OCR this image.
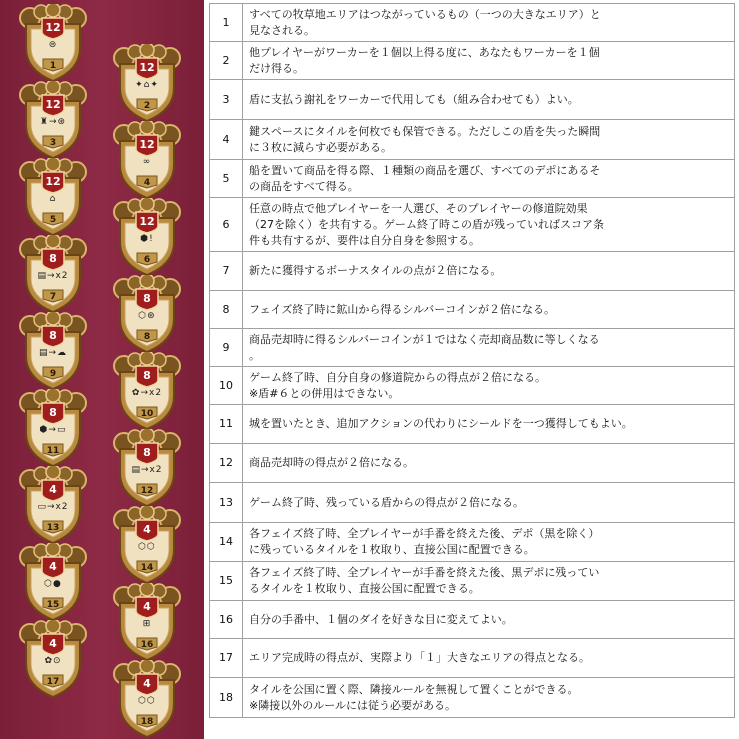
12
⊜
1	12
✦⌂✦
2
12
♜→⊛
3	12
∞
4
12
⌂
5	12
⬢!
6
8
▤→x2
7	8
⬡⊛
8
8
▤→☁
9	8
✿→x2
10
8
⬢→▭
11	8
▤→x2
12
4
▭→x2
13	4
⬡⬡
14
4
⬡●
15	4
⊞
16
4
✿⊙
17	4
⬡⬡
18
1	すべての牧草地エリアはつながっているもの（一つの大きなエリア）と
見なされる。
2	他プレイヤーがワーカーを１個以上得る度に、あなたもワーカーを１個
だけ得る。
3	盾に支払う謝礼をワーカーで代用しても（組み合わせても）よい。
4	鍵スペースにタイルを何枚でも保管できる。ただしこの盾を失った瞬間
に３枚に減らす必要がある。
5	船を置いて商品を得る際、１種類の商品を選び、すべてのデポにあるそ
の商品をすべて得る。
6	任意の時点で他プレイヤーを一人選び、そのプレイヤーの修道院効果
（27を除く）を共有する。ゲーム終了時この盾が残っていればスコア条
件も共有するが、要件は自分自身を参照する。
7	新たに獲得するボーナスタイルの点が２倍になる。
8	フェイズ終了時に鉱山から得るシルバーコインが２倍になる。
9	商品売却時に得るシルバーコインが１ではなく売却商品数に等しくなる
。
10	ゲーム終了時、自分自身の修道院からの得点が２倍になる。
※盾#６との併用はできない。
11	城を置いたとき、追加アクションの代わりにシールドを一つ獲得してもよい。
12	商品売却時の得点が２倍になる。
13	ゲーム終了時、残っている盾からの得点が２倍になる。
14	各フェイズ終了時、全プレイヤーが手番を終えた後、デポ（黒を除く）
に残っているタイルを１枚取り、直接公国に配置できる。
15	各フェイズ終了時、全プレイヤーが手番を終えた後、黒デポに残ってい
るタイルを１枚取り、直接公国に配置できる。
16	自分の手番中、１個のダイを好きな目に変えてよい。
17	エリア完成時の得点が、実際より「１」大きなエリアの得点となる。
18	タイルを公国に置く際、隣接ルールを無視して置くことができる。
※隣接以外のルールには従う必要がある。
